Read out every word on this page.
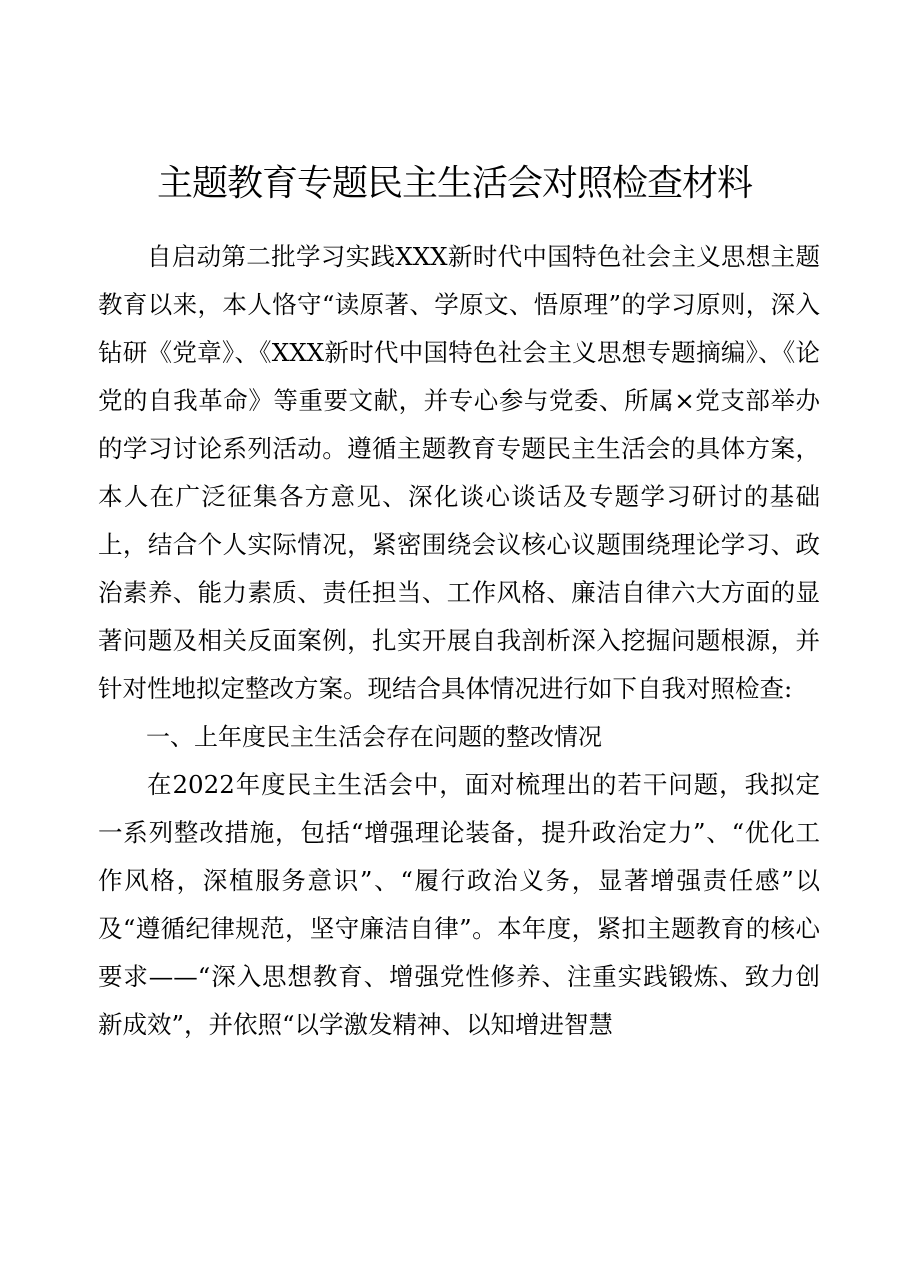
主题教育专题民主生活会对照检查材料

自启动第二批学习实践XXX新时代中国特色社会主义思想主题教育以来，本人恪守“读原著、学原文、悟原理”的学习原则，深入钻研《党章》、《XXX新时代中国特色社会主义思想专题摘编》、《论党的自我革命》等重要文献，并专心参与党委、所属×党支部举办的学习讨论系列活动。遵循主题教育专题民主生活会的具体方案，本人在广泛征集各方意见、深化谈心谈话及专题学习研讨的基础上，结合个人实际情况，紧密围绕会议核心议题围绕理论学习、政治素养、能力素质、责任担当、工作风格、廉洁自律六大方面的显著问题及相关反面案例，扎实开展自我剖析深入挖掘问题根源，并针对性地拟定整改方案。现结合具体情况进行如下自我对照检查:

一、上年度民主生活会存在问题的整改情况

在2022年度民主生活会中，面对梳理出的若干问题，我拟定一系列整改措施，包括“增强理论装备，提升政治定力”、“优化工作风格，深植服务意识”、“履行政治义务，显著增强责任感”以及“遵循纪律规范，坚守廉洁自律”。本年度，紧扣主题教育的核心要求——“深入思想教育、增强党性修养、注重实践锻炼、致力创新成效”，并依照“以学激发精神、以知增进智慧
